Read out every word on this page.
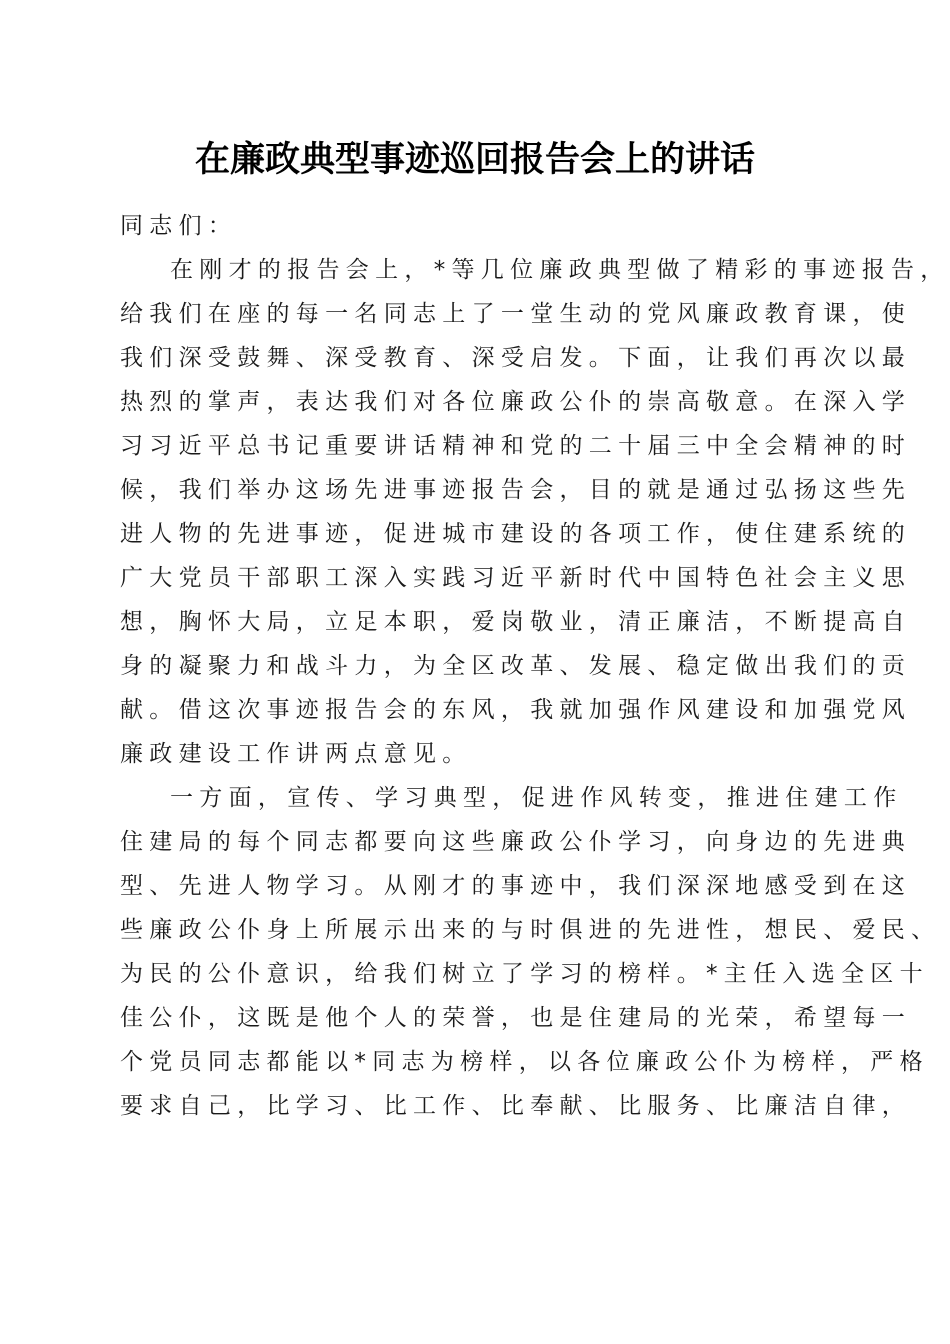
在廉政典型事迹巡回报告会上的讲话
同志们：
在刚才的报告会上，*等几位廉政典型做了精彩的事迹报告，
给我们在座的每一名同志上了一堂生动的党风廉政教育课，使
我们深受鼓舞、深受教育、深受启发。下面，让我们再次以最
热烈的掌声，表达我们对各位廉政公仆的崇高敬意。在深入学
习习近平总书记重要讲话精神和党的二十届三中全会精神的时
候，我们举办这场先进事迹报告会，目的就是通过弘扬这些先
进人物的先进事迹，促进城市建设的各项工作，使住建系统的
广大党员干部职工深入实践习近平新时代中国特色社会主义思
想，胸怀大局，立足本职，爱岗敬业，清正廉洁，不断提高自
身的凝聚力和战斗力，为全区改革、发展、稳定做出我们的贡
献。借这次事迹报告会的东风，我就加强作风建设和加强党风
廉政建设工作讲两点意见。
一方面，宣传、学习典型，促进作风转变，推进住建工作
住建局的每个同志都要向这些廉政公仆学习，向身边的先进典
型、先进人物学习。从刚才的事迹中，我们深深地感受到在这
些廉政公仆身上所展示出来的与时俱进的先进性，想民、爱民、
为民的公仆意识，给我们树立了学习的榜样。*主任入选全区十
佳公仆，这既是他个人的荣誉，也是住建局的光荣，希望每一
个党员同志都能以*同志为榜样，以各位廉政公仆为榜样，严格
要求自己，比学习、比工作、比奉献、比服务、比廉洁自律，
